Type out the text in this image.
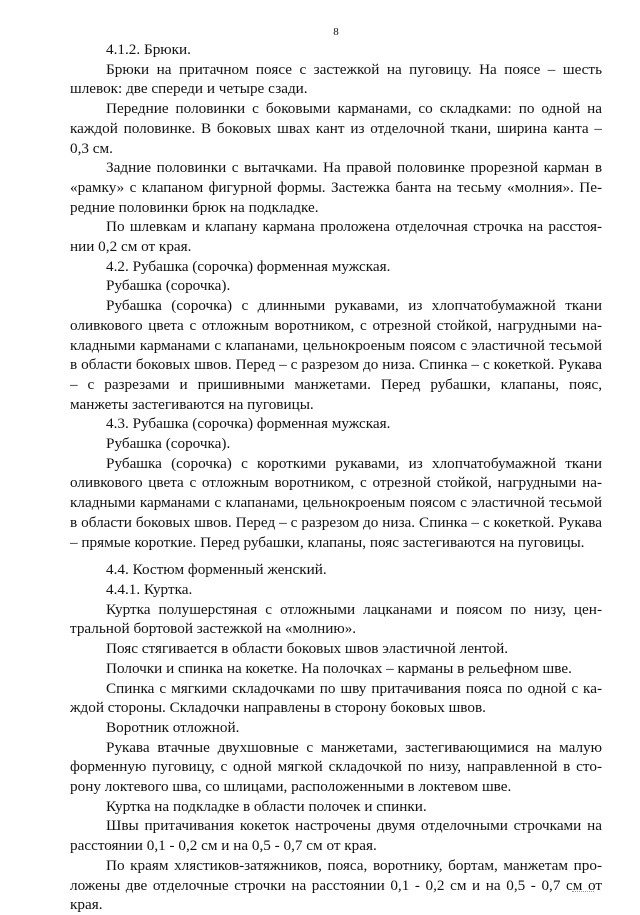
8

4.1.2. Брюки.

Брюки на притачном поясе с застежкой на пуговицу. На поясе – шесть шлевок: две спереди и четыре сзади.

Передние половинки с боковыми карманами, со складками: по одной на каждой половинке. В боковых швах кант из отделочной ткани, ширина канта – 0,3 см.

Задние половинки с вытачками. На правой половинке прорезной карман в «рамку» с клапаном фигурной формы. Застежка банта на тесьму «молния». Передние половинки брюк на подкладке.

По шлевкам и клапану кармана проложена отделочная строчка на расстоянии 0,2 см от края.

4.2. Рубашка (сорочка) форменная мужская.

Рубашка (сорочка).

Рубашка (сорочка) с длинными рукавами, из хлопчатобумажной ткани оливкового цвета с отложным воротником, с отрезной стойкой, нагрудными накладными карманами с клапанами, цельнокроеным поясом с эластичной тесьмой в области боковых швов. Перед – с разрезом до низа. Спинка – с кокеткой. Рукава – с разрезами и пришивными манжетами. Перед рубашки, клапаны, пояс, манжеты застегиваются на пуговицы.

4.3. Рубашка (сорочка) форменная мужская.

Рубашка (сорочка).

Рубашка (сорочка) с короткими рукавами, из хлопчатобумажной ткани оливкового цвета с отложным воротником, с отрезной стойкой, нагрудными накладными карманами с клапанами, цельнокроеным поясом с эластичной тесьмой в области боковых швов. Перед – с разрезом до низа. Спинка – с кокеткой. Рукава – прямые короткие. Перед рубашки, клапаны, пояс застегиваются на пуговицы.

4.4. Костюм форменный женский.

4.4.1. Куртка.

Куртка полушерстяная с отложными лацканами и поясом по низу, центральной бортовой застежкой на «молнию».

Пояс стягивается в области боковых швов эластичной лентой.

Полочки и спинка на кокетке. На полочках – карманы в рельефном шве.

Спинка с мягкими складочками по шву притачивания пояса по одной с каждой стороны. Складочки направлены в сторону боковых швов.

Воротник отложной.

Рукава втачные двухшовные с манжетами, застегивающимися на малую форменную пуговицу, с одной мягкой складочкой по низу, направленной в сторону локтевого шва, со шлицами, расположенными в локтевом шве.

Куртка на подкладке в области полочек и спинки.

Швы притачивания кокеток настрочены двумя отделочными строчками на расстоянии 0,1 - 0,2 см и на 0,5 - 0,7 см от края.

По краям хлястиков-затяжников, пояса, воротнику, бортам, манжетам проложены две отделочные строчки на расстоянии 0,1 - 0,2 см и на 0,5 - 0,7 см от края.
